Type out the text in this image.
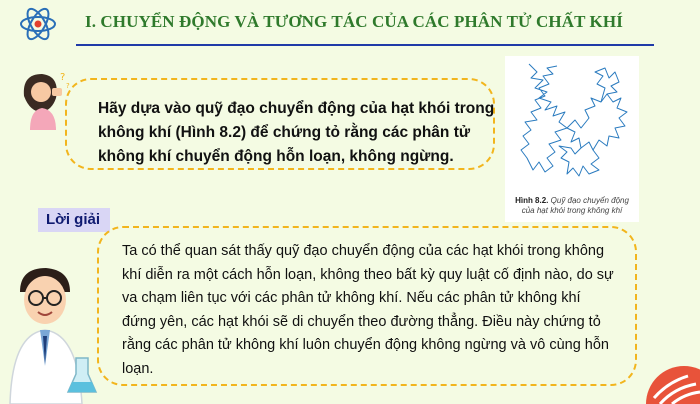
I. CHUYỂN ĐỘNG VÀ TƯƠNG TÁC CỦA CÁC PHÂN TỬ CHẤT KHÍ
?
?
Hãy dựa vào quỹ đạo chuyển động của hạt khói trong không khí (Hình 8.2) để chứng tỏ rằng các phân tử không khí chuyển động hỗn loạn, không ngừng.
Hình 8.2. Quỹ đạo chuyển động của hạt khói trong không khí
Lời giải
Ta có thể quan sát thấy quỹ đạo chuyển động của các hạt khói trong không khí diễn ra một cách hỗn loạn, không theo bất kỳ quy luật cố định nào, do sự va chạm liên tục với các phân tử không khí. Nếu các phân tử không khí đứng yên, các hạt khói sẽ di chuyển theo đường thẳng. Điều này chứng tỏ rằng các phân tử không khí luôn chuyển động không ngừng và vô cùng hỗn loạn.
